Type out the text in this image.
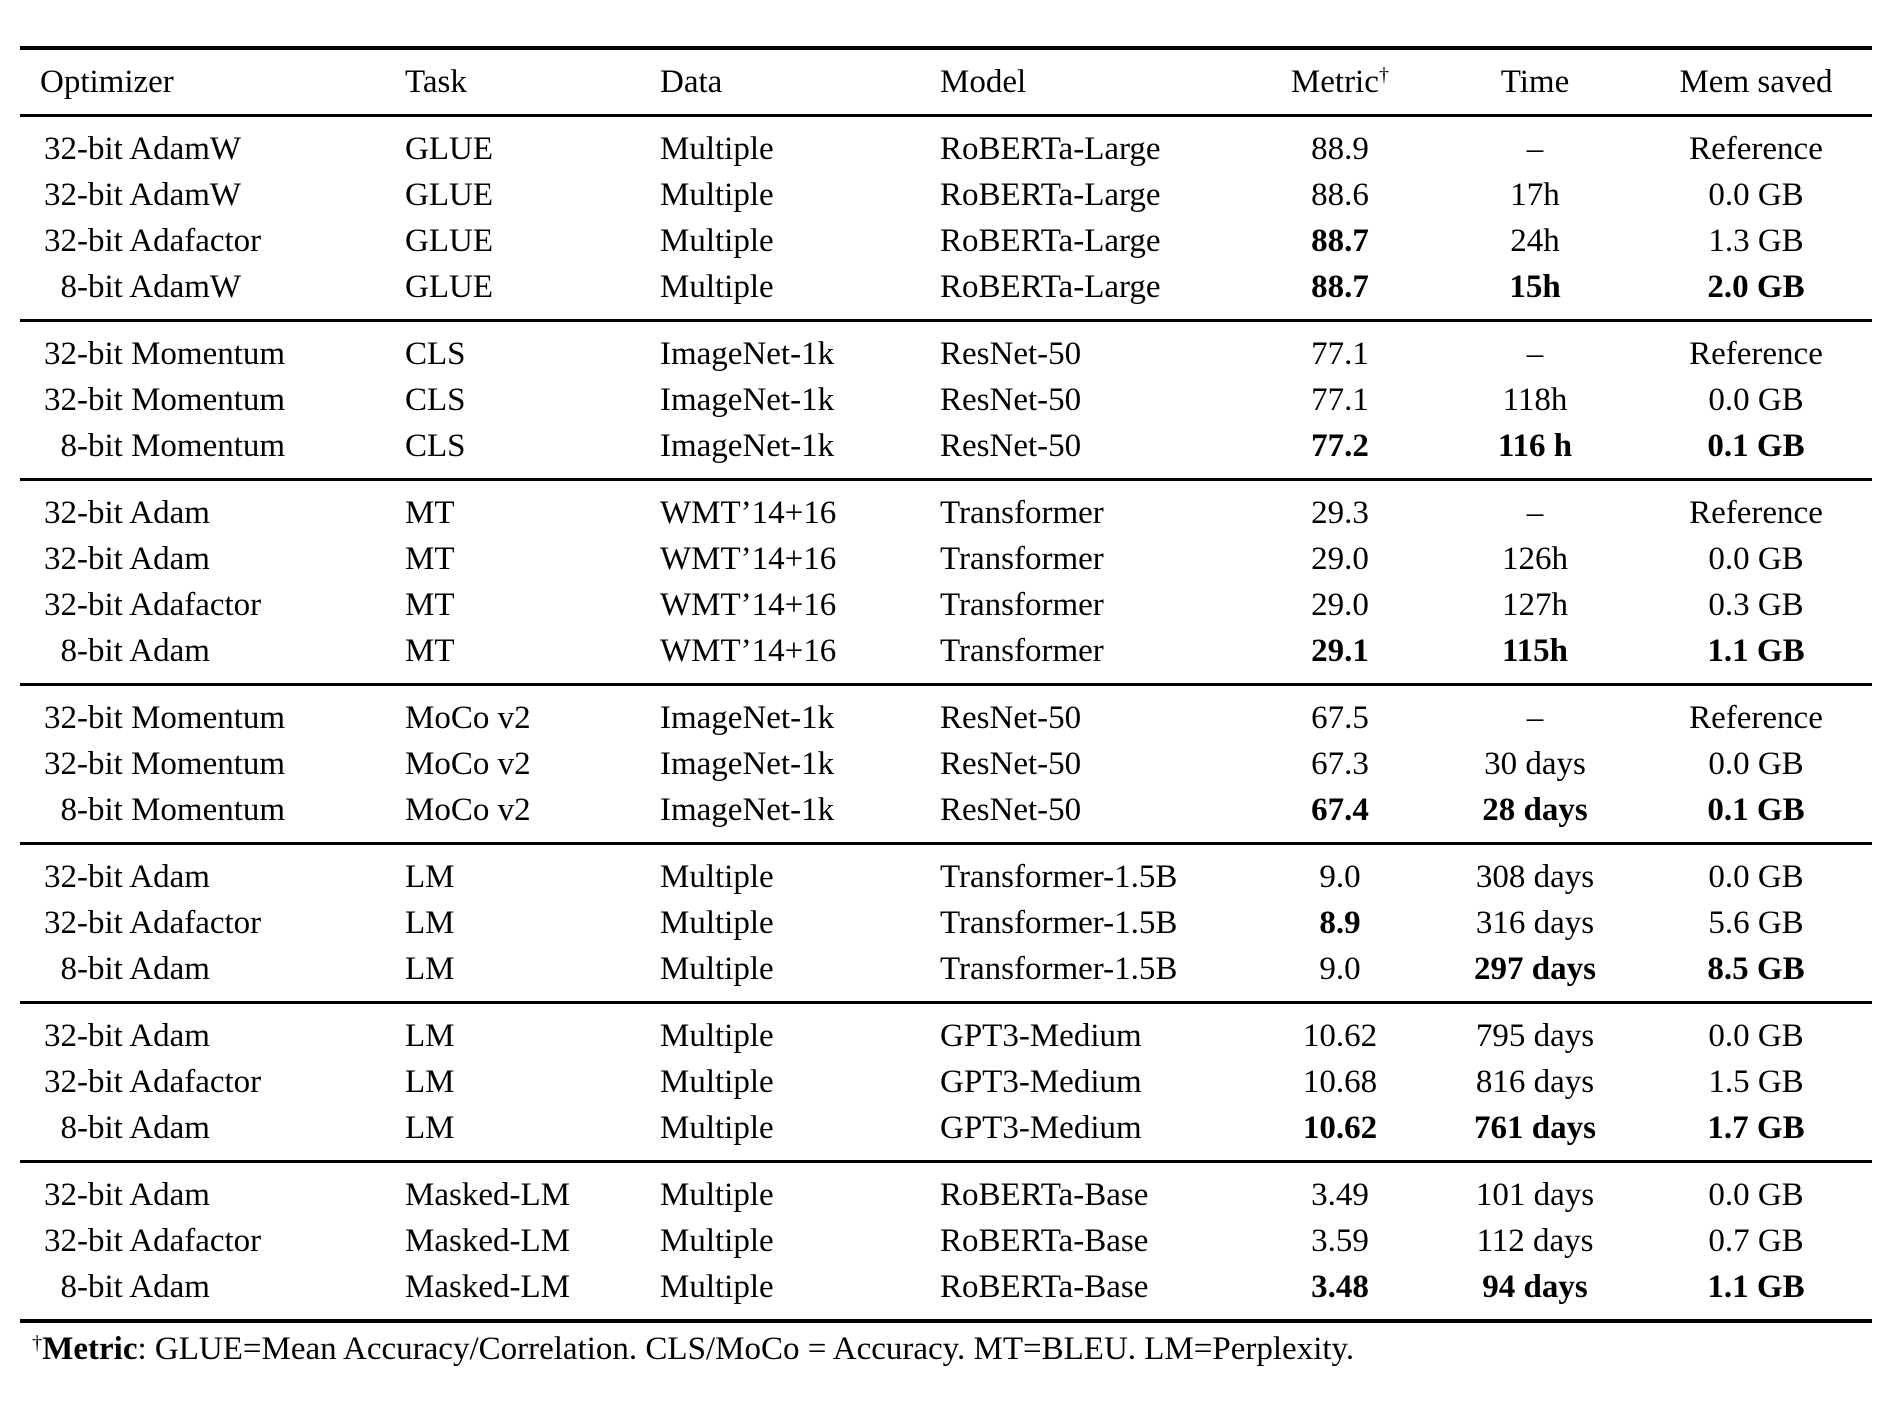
Optimizer	Task	Data	Model	Metric†	Time	Mem saved
32-bit AdamW	GLUE	Multiple	RoBERTa-Large	88.9	–	Reference
32-bit AdamW	GLUE	Multiple	RoBERTa-Large	88.6	17h	0.0 GB
32-bit Adafactor	GLUE	Multiple	RoBERTa-Large	88.7	24h	1.3 GB
8-bit AdamW	GLUE	Multiple	RoBERTa-Large	88.7	15h	2.0 GB
32-bit Momentum	CLS	ImageNet-1k	ResNet-50	77.1	–	Reference
32-bit Momentum	CLS	ImageNet-1k	ResNet-50	77.1	118h	0.0 GB
8-bit Momentum	CLS	ImageNet-1k	ResNet-50	77.2	116 h	0.1 GB
32-bit Adam	MT	WMT’14+16	Transformer	29.3	–	Reference
32-bit Adam	MT	WMT’14+16	Transformer	29.0	126h	0.0 GB
32-bit Adafactor	MT	WMT’14+16	Transformer	29.0	127h	0.3 GB
8-bit Adam	MT	WMT’14+16	Transformer	29.1	115h	1.1 GB
32-bit Momentum	MoCo v2	ImageNet-1k	ResNet-50	67.5	–	Reference
32-bit Momentum	MoCo v2	ImageNet-1k	ResNet-50	67.3	30 days	0.0 GB
8-bit Momentum	MoCo v2	ImageNet-1k	ResNet-50	67.4	28 days	0.1 GB
32-bit Adam	LM	Multiple	Transformer-1.5B	9.0	308 days	0.0 GB
32-bit Adafactor	LM	Multiple	Transformer-1.5B	8.9	316 days	5.6 GB
8-bit Adam	LM	Multiple	Transformer-1.5B	9.0	297 days	8.5 GB
32-bit Adam	LM	Multiple	GPT3-Medium	10.62	795 days	0.0 GB
32-bit Adafactor	LM	Multiple	GPT3-Medium	10.68	816 days	1.5 GB
8-bit Adam	LM	Multiple	GPT3-Medium	10.62	761 days	1.7 GB
32-bit Adam	Masked-LM	Multiple	RoBERTa-Base	3.49	101 days	0.0 GB
32-bit Adafactor	Masked-LM	Multiple	RoBERTa-Base	3.59	112 days	0.7 GB
8-bit Adam	Masked-LM	Multiple	RoBERTa-Base	3.48	94 days	1.1 GB
†Metric: GLUE=Mean Accuracy/Correlation. CLS/MoCo = Accuracy. MT=BLEU. LM=Perplexity.
